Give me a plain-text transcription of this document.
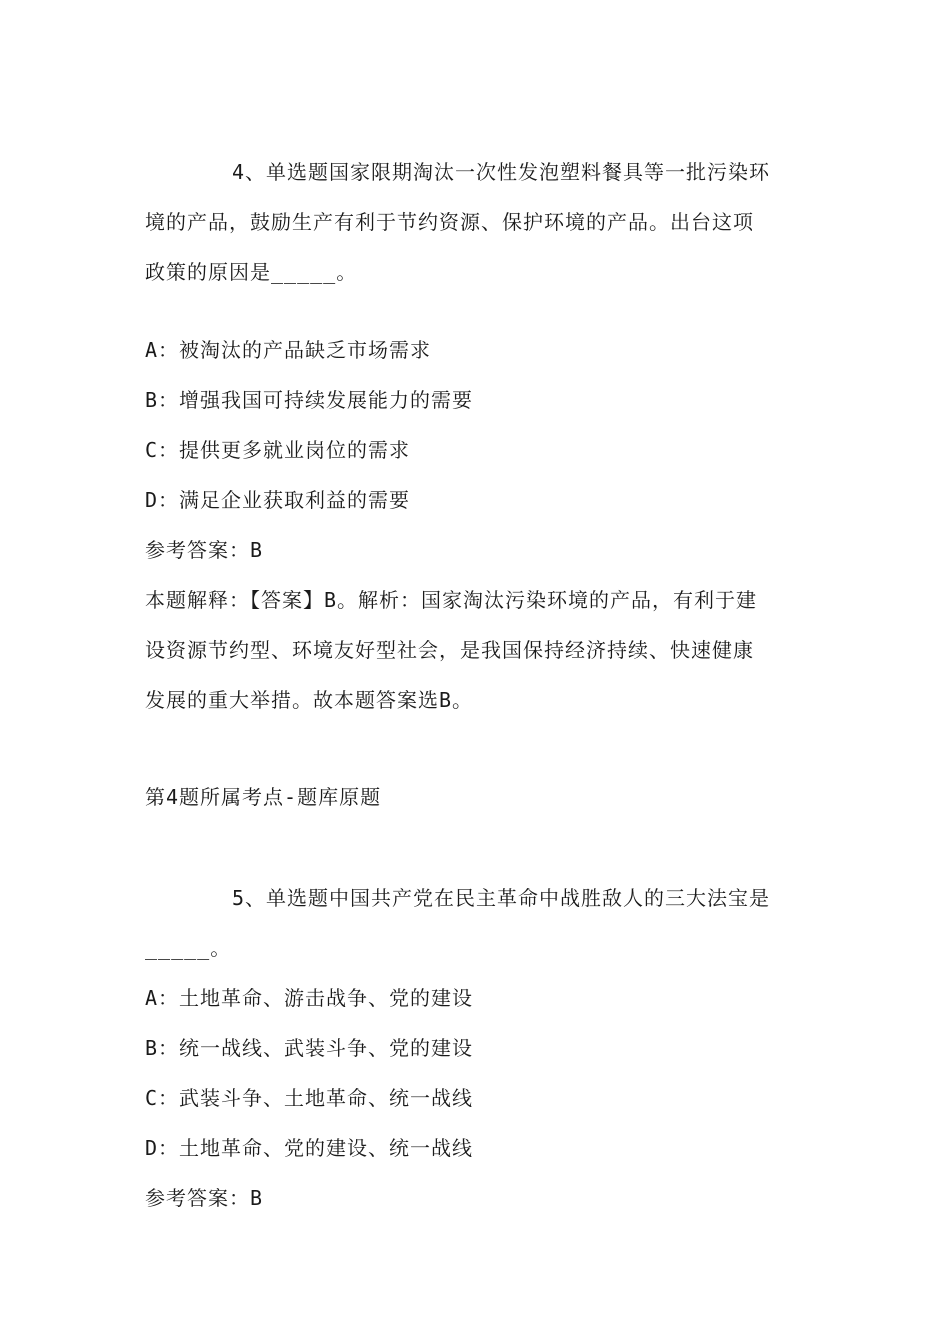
4、单选题国家限期淘汰一次性发泡塑料餐具等一批污染环
境的产品，鼓励生产有利于节约资源、保护环境的产品。出台这项
政策的原因是_____。
A：被淘汰的产品缺乏市场需求
B：增强我国可持续发展能力的需要
C：提供更多就业岗位的需求
D：满足企业获取利益的需要
参考答案：B
本题解释：【答案】B。解析：国家淘汰污染环境的产品，有利于建
设资源节约型、环境友好型社会，是我国保持经济持续、快速健康
发展的重大举措。故本题答案选B。
第4题所属考点-题库原题
5、单选题中国共产党在民主革命中战胜敌人的三大法宝是
_____。
A：土地革命、游击战争、党的建设
B：统一战线、武装斗争、党的建设
C：武装斗争、土地革命、统一战线
D：土地革命、党的建设、统一战线
参考答案：B
